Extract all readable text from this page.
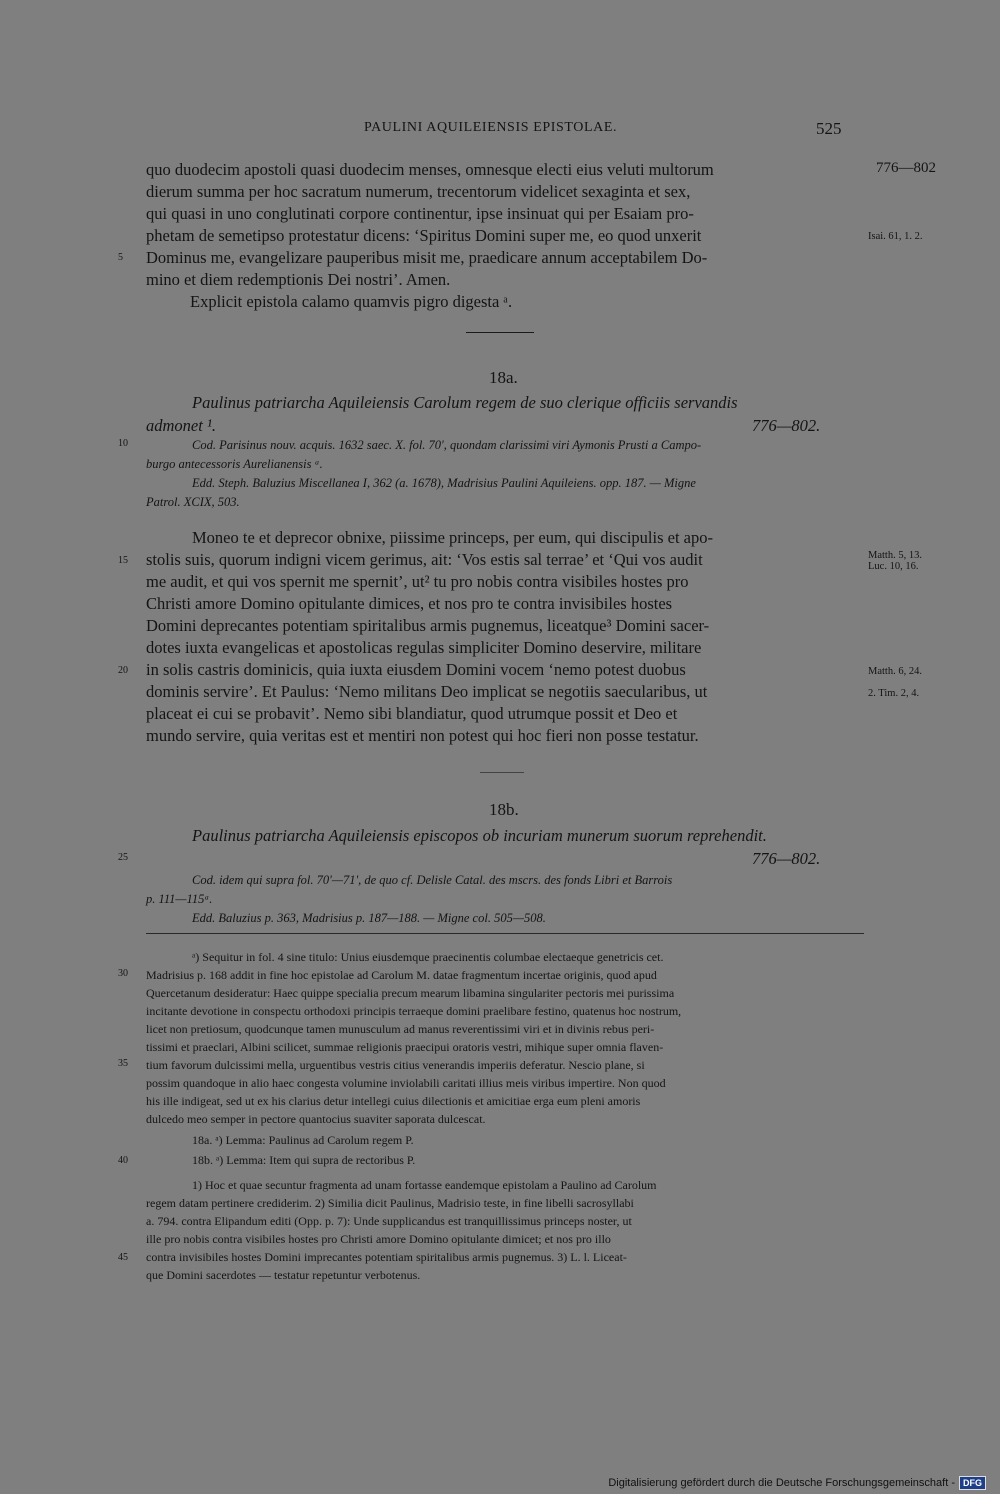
PAULINI AQUILEIENSIS EPISTOLAE.	525
quo duodecim apostoli quasi duodecim menses, omnesque electi eius veluti multorum
dierum summa per hoc sacratum numerum, trecentorum videlicet sexaginta et sex,
qui quasi in uno conglutinati corpore continentur, ipse insinuat qui per Esaiam pro-
phetam de semetipso protestatur dicens: ‘Spiritus Domini super me, eo quod unxerit
Dominus me, evangelizare pauperibus misit me, praedicare annum acceptabilem Do-
mino et diem redemptionis Dei nostri’. Amen.
Explicit epistola calamo quamvis pigro digesta ᵃ.
776—802
Isai. 61, 1. 2.
5
18a.
Paulinus patriarcha Aquileiensis Carolum regem de suo clerique officiis servandis
admonet ¹.	776—802.
10	Cod. Parisinus nouv. acquis. 1632 saec. X. fol. 70', quondam clarissimi viri Aymonis Prusti a Campo-
burgo antecessoris Aurelianensis ᵃ.
Edd. Steph. Baluzius Miscellanea I, 362 (a. 1678), Madrisius Paulini Aquileiens. opp. 187. — Migne
Patrol. XCIX, 503.
Moneo te et deprecor obnixe, piissime princeps, per eum, qui discipulis et apo-
stolis suis, quorum indigni vicem gerimus, ait: ‘Vos estis sal terrae’ et ‘Qui vos audit
me audit, et qui vos spernit me spernit’, ut² tu pro nobis contra visibiles hostes pro
Christi amore Domino opitulante dimices, et nos pro te contra invisibiles hostes
Domini deprecantes potentiam spiritalibus armis pugnemus, liceatque³ Domini sacer-
dotes iuxta evangelicas et apostolicas regulas simpliciter Domino deservire, militare
in solis castris dominicis, quia iuxta eiusdem Domini vocem ‘nemo potest duobus
dominis servire’. Et Paulus: ‘Nemo militans Deo implicat se negotiis saecularibus, ut
placeat ei cui se probavit’. Nemo sibi blandiatur, quod utrumque possit et Deo et
mundo servire, quia veritas est et mentiri non potest qui hoc fieri non posse testatur.
15
20
Matth. 5, 13.
Luc. 10, 16.
Matth. 6, 24.
2. Tim. 2, 4.
18b.
Paulinus patriarcha Aquileiensis episcopos ob incuriam munerum suorum reprehendit.
25	776—802.
Cod. idem qui supra fol. 70'—71', de quo cf. Delisle Catal. des mscrs. des fonds Libri et Barrois
p. 111—115ᵃ.
Edd. Baluzius p. 363, Madrisius p. 187—188. — Migne col. 505—508.
ᵃ) Sequitur in fol. 4 sine titulo: Unius eiusdemque praecinentis columbae electaeque genetricis cet.
Madrisius p. 168 addit in fine hoc epistolae ad Carolum M. datae fragmentum incertae originis, quod apud
Quercetanum desideratur: Haec quippe specialia precum mearum libamina singulariter pectoris mei purissima
incitante devotione in conspectu orthodoxi principis terraeque domini praelibare festino, quatenus hoc nostrum,
licet non pretiosum, quodcunque tamen munusculum ad manus reverentissimi viri et in divinis rebus peri-
tissimi et praeclari, Albini scilicet, summae religionis praecipui oratoris vestri, mihique super omnia flaven-
tium favorum dulcissimi mella, urguentibus vestris citius venerandis imperiis deferatur. Nescio plane, si
possim quandoque in alio haec congesta volumine inviolabili caritati illius meis viribus impertire. Non quod
his ille indigeat, sed ut ex his clarius detur intellegi cuius dilectionis et amicitiae erga eum pleni amoris
dulcedo meo semper in pectore quantocius suaviter saporata dulcescat.
18a. ᵃ) Lemma: Paulinus ad Carolum regem P.
18b. ᵃ) Lemma: Item qui supra de rectoribus P.
1) Hoc et quae secuntur fragmenta ad unam fortasse eandemque epistolam a Paulino ad Carolum
regem datam pertinere crediderim. 2) Similia dicit Paulinus, Madrisio teste, in fine libelli sacrosyllabi
a. 794. contra Elipandum editi (Opp. p. 7): Unde supplicandus est tranquillissimus princeps noster, ut
ille pro nobis contra visibiles hostes pro Christi amore Domino opitulante dimicet; et nos pro illo
contra invisibiles hostes Domini imprecantes potentiam spiritalibus armis pugnemus. 3) L. l. Liceat-
que Domini sacerdotes — testatur repetuntur verbotenus.
30
35
40
45
Digitalisierung gefördert durch die Deutsche Forschungsgemeinschaft - DFG
